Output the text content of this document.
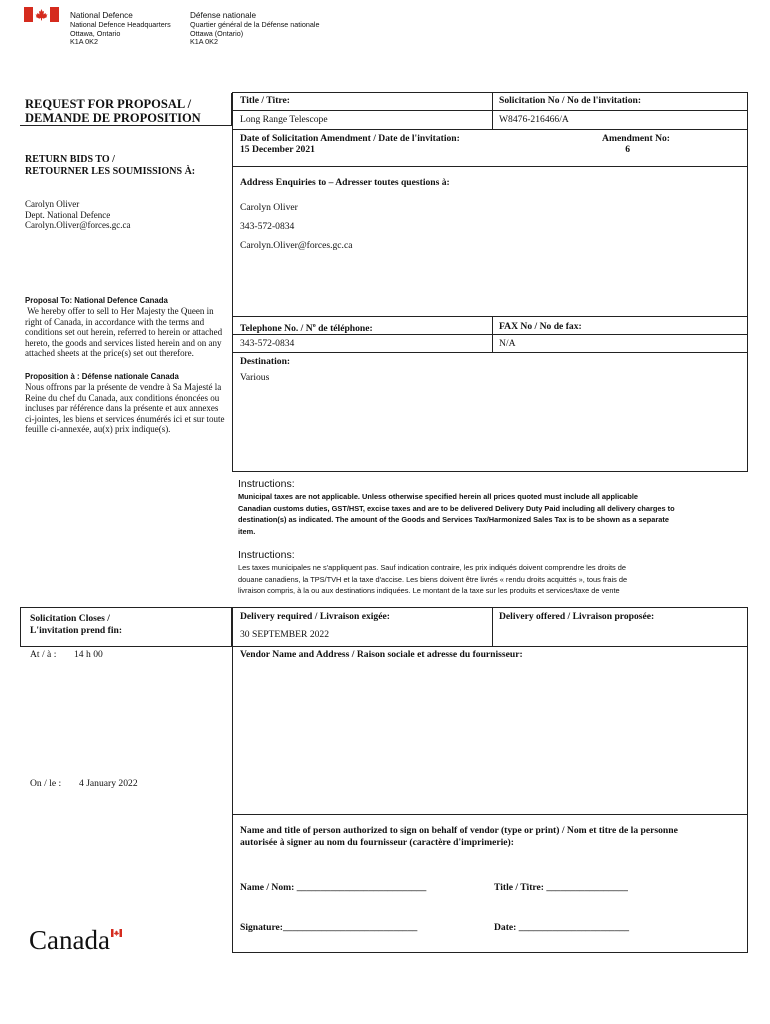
National Defence
National Defence Headquarters
Ottawa, Ontario
K1A 0K2
Défense nationale
Quartier général de la Défense nationale
Ottawa (Ontario)
K1A 0K2
REQUEST FOR PROPOSAL /
DEMANDE DE PROPOSITION
RETURN BIDS TO /
RETOURNER LES SOUMISSIONS À:
Carolyn Oliver
Dept. National Defence
Carolyn.Oliver@forces.gc.ca
Proposal To: National Defence Canada
We hereby offer to sell to Her Majesty the Queen in
right of Canada, in accordance with the terms and
conditions set out herein, referred to herein or attached
hereto, the goods and services listed herein and on any
attached sheets at the price(s) set out therefore.
Proposition à : Défense nationale Canada
Nous offrons par la présente de vendre à Sa Majesté la
Reine du chef du Canada, aux conditions énoncées ou
incluses par référence dans la présente et aux annexes
ci-jointes, les biens et services énumérés ici et sur toute
feuille ci-annexée, au(x) prix indique(s).
Title / Titre:
Long Range Telescope
Solicitation No / No de l'invitation:
W8476-216466/A
Date of Solicitation Amendment / Date de l'invitation:
15 December 2021
Amendment No:
6
Address Enquiries to – Adresser toutes questions à:
Carolyn Oliver
343-572-0834
Carolyn.Oliver@forces.gc.ca
Telephone No. / $N^o$ de téléphone:
343-572-0834
FAX No / No de fax:
N/A
Destination:
Various
Instructions:
Municipal taxes are not applicable. Unless otherwise specified herein all prices quoted must include all applicable
Canadian customs duties, GST/HST, excise taxes and are to be delivered Delivery Duty Paid including all delivery charges to
destination(s) as indicated. The amount of the Goods and Services Tax/Harmonized Sales Tax is to be shown as a separate
item.
Instructions:
Les taxes municipales ne s'appliquent pas. Sauf indication contraire, les prix indiqués doivent comprendre les droits de
douane canadiens, la TPS/TVH et la taxe d'accise. Les biens doivent être livrés « rendu droits acquittés », tous frais de
livraison compris, à la ou aux destinations indiquées. Le montant de la taxe sur les produits et services/taxe de vente
Solicitation Closes /
L'invitation prend fin:
At / à : 14 h 00
On / le : 4 January 2022
Delivery required / Livraison exigée:
30 SEPTEMBER 2022
Delivery offered / Livraison proposée:
Vendor Name and Address / Raison sociale et adresse du fournisseur:
Name and title of person authorized to sign on behalf of vendor (type or print) / Nom et titre de la personne
autorisée à signer au nom du fournisseur (caractère d'imprimerie):
Name / Nom: ___________________________	Title / Titre: _________________
Signature:____________________________	Date: _______________________
Canada
